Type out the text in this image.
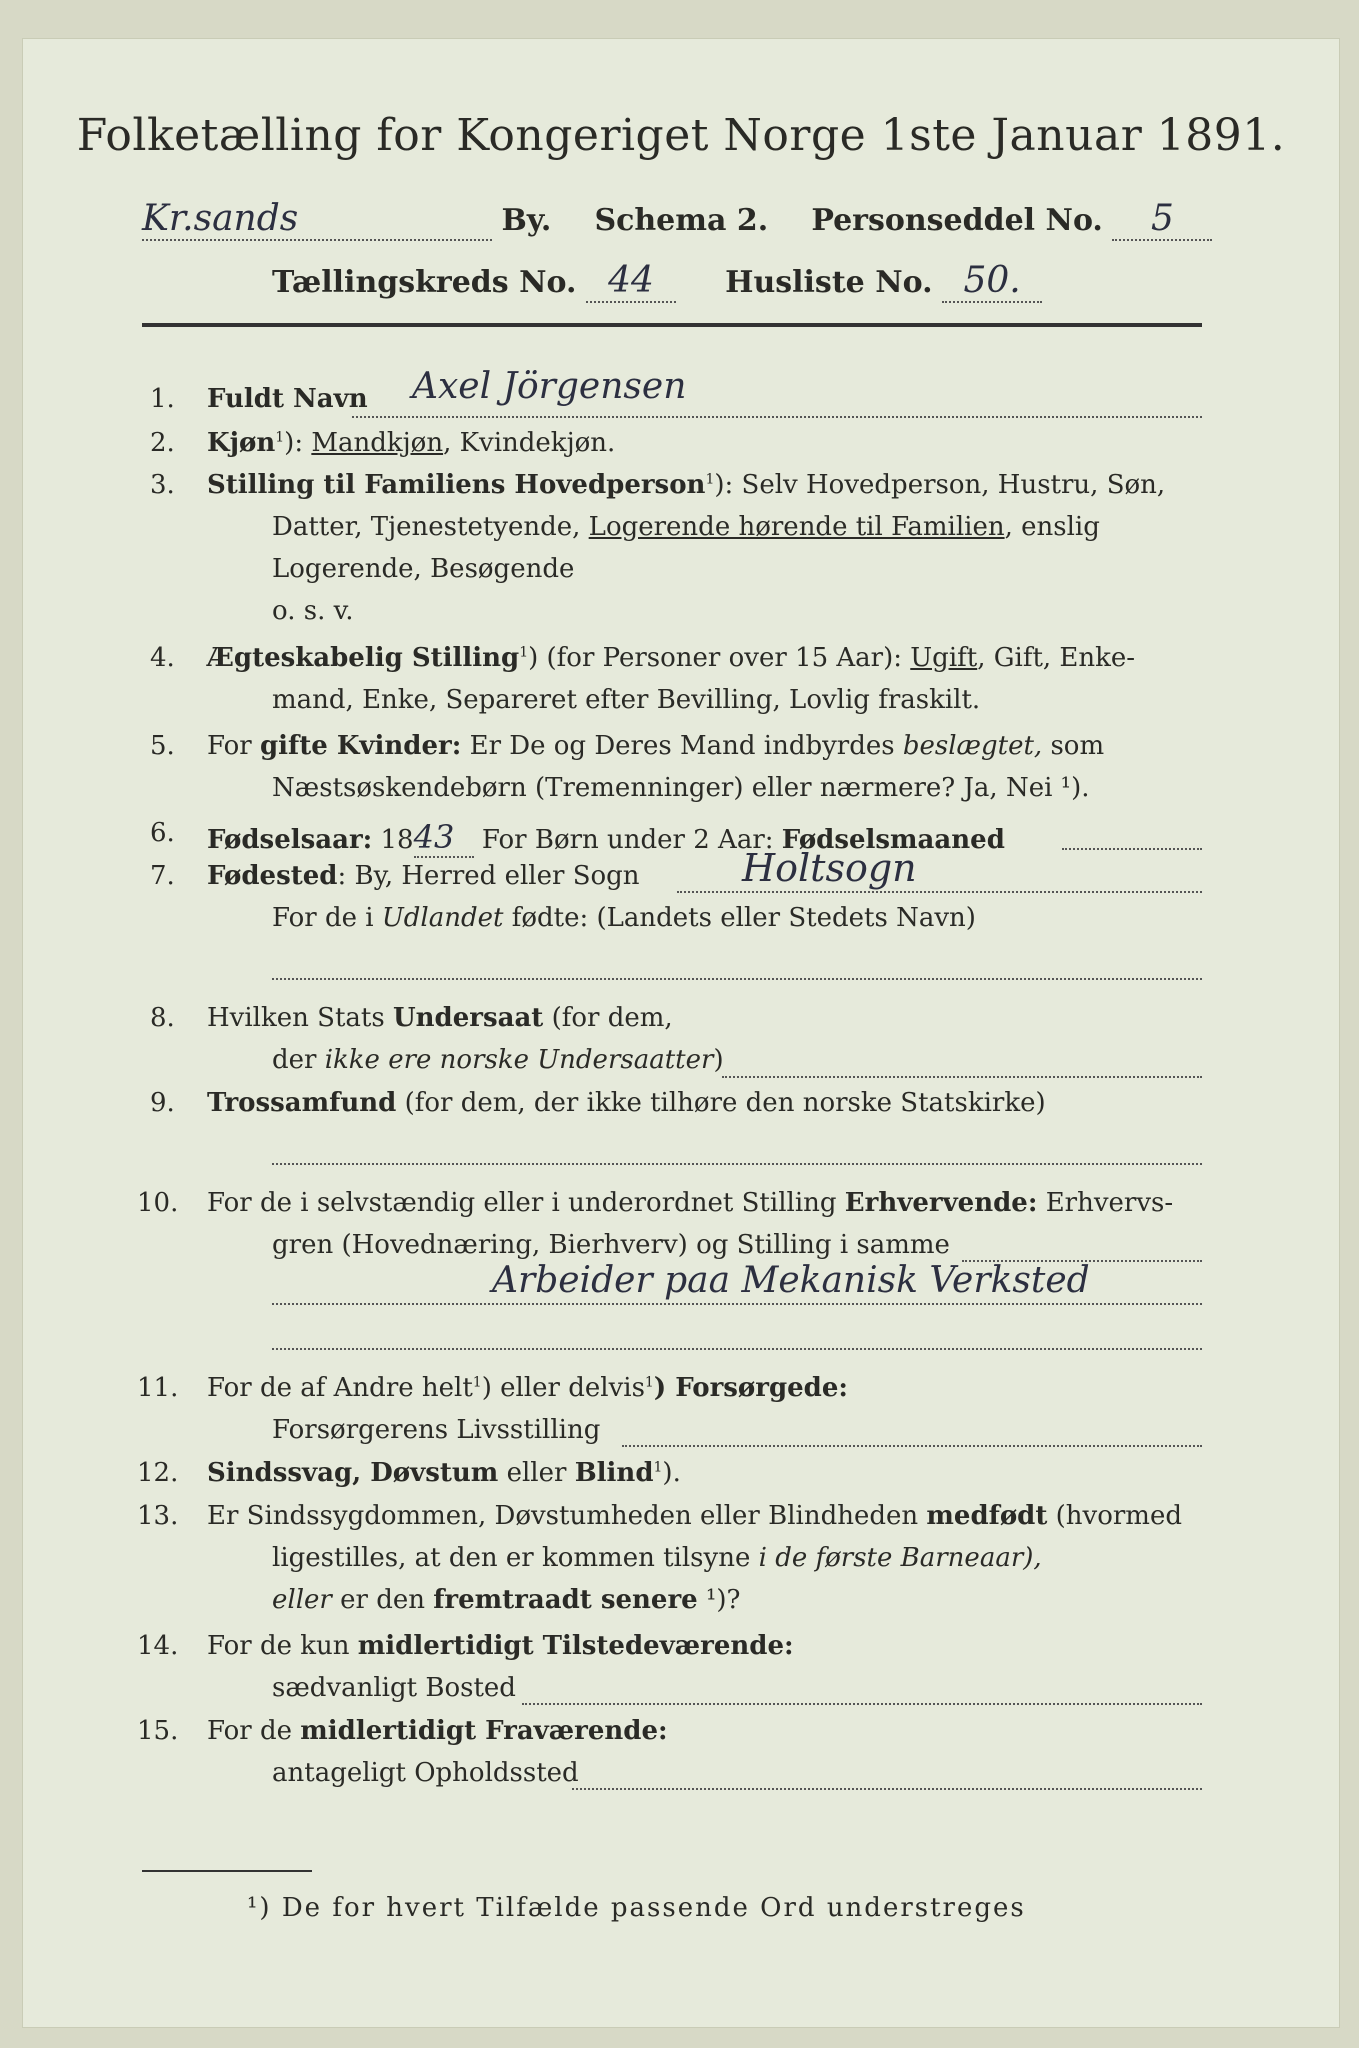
Folketælling for Kongeriget Norge 1ste Januar 1891.
Kr.sands	By. Schema 2. Personseddel No. 5
Tællingskreds No. 44 Husliste No. 50.
1. Fuldt Navn Axel Jörgensen
2. Kjøn$^1$): Mandkjøn, Kvindekjøn.
3. Stilling til Familiens Hovedperson$^1$): Selv Hovedperson, Hustru, Søn,
Datter, Tjenestetyende, Logerende hørende til Familien, enslig
Logerende, Besøgende
o. s. v.
4. Ægteskabelig Stilling$^1$) (for Personer over 15 Aar): Ugift, Gift, Enke-
mand, Enke, Separeret efter Bevilling, Lovlig fraskilt.
5. For gifte Kvinder: Er De og Deres Mand indbyrdes beslægtet, som
Næstsøskendebørn (Tremenninger) eller nærmere? Ja, Nei ¹).
6. Fødselsaar: 1843 For Børn under 2 Aar: Fødselsmaaned
7. Fødested: By, Herred eller Sogn	Holtsogn
For de i Udlandet fødte: (Landets eller Stedets Navn)
8. Hvilken Stats Undersaat (for dem,
der ikke ere norske Undersaatter)
9. Trossamfund (for dem, der ikke tilhøre den norske Statskirke)
10. For de i selvstændig eller i underordnet Stilling Erhvervende: Erhvervs-
gren (Hovednæring, Bierhverv) og Stilling i samme
Arbeider paa Mekanisk Verksted
11. For de af Andre helt$^1$) eller delvis$^1$) Forsørgede:
Forsørgerens Livsstilling
12. Sindssvag, Døvstum eller Blind$^1$).
13. Er Sindssygdommen, Døvstumheden eller Blindheden medfødt (hvormed
ligestilles, at den er kommen tilsyne i de første Barneaar),
eller er den fremtraadt senere ¹)?
14. For de kun midlertidigt Tilstedeværende:
sædvanligt Bosted
15. For de midlertidigt Fraværende:
antageligt Opholdssted
¹) De for hvert Tilfælde passende Ord understreges
